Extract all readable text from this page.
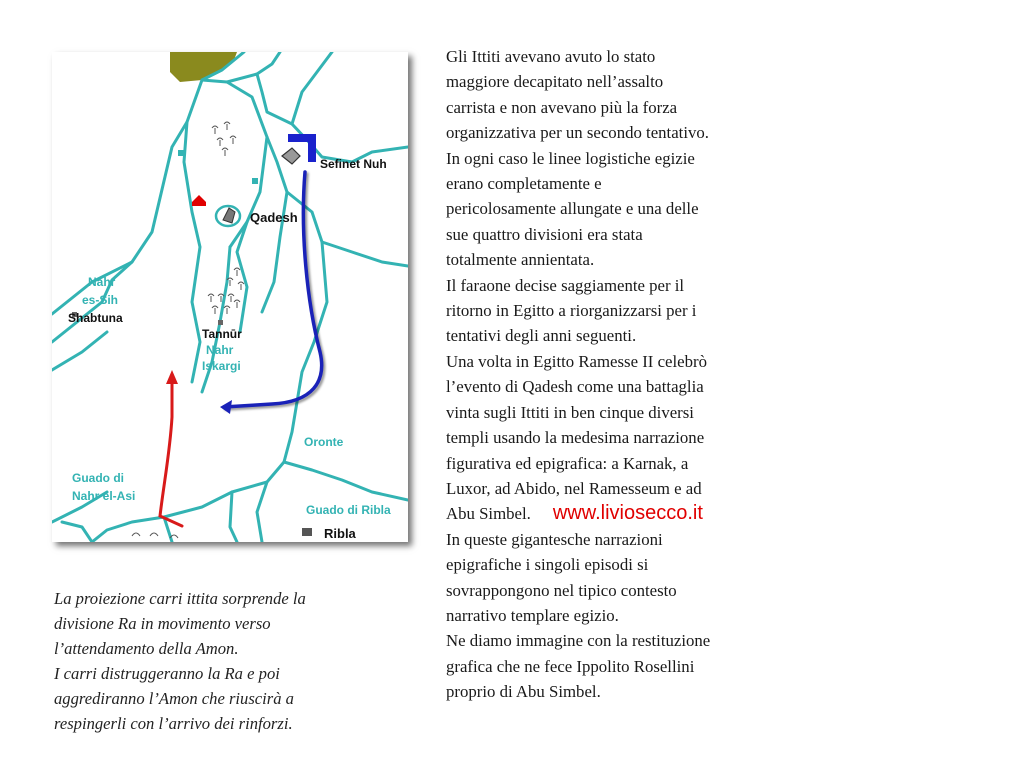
Sefinet Nuh
Qadesh
Nahr
es-Sih
Shabtuna
Tannūr
Nahr
Iskargi
Oronte
Guado di
Nahr el-Asi
Guado di Ribla
Ribla

La proiezione carri ittita sorprende la

divisione Ra in movimento verso

l’attendamento della Amon.

I carri distruggeranno la Ra e poi

aggrediranno l’Amon che riuscirà a

respingerli con l’arrivo dei rinforzi.

Gli Ittiti avevano avuto lo stato

maggiore decapitato nell’assalto

carrista e non avevano più la forza

organizzativa per un secondo tentativo.

In ogni caso le linee logistiche egizie

erano completamente e

pericolosamente allungate e una delle

sue quattro divisioni era stata

totalmente annientata.

Il faraone decise saggiamente per il

ritorno in Egitto a riorganizzarsi per i

tentativi degli anni seguenti.

Una volta in Egitto Ramesse II celebrò

l’evento di Qadesh come una battaglia

vinta sugli Ittiti in ben cinque diversi

templi usando la medesima narrazione

figurativa ed epigrafica: a Karnak, a

Luxor, ad Abido, nel Ramesseum e ad

Abu Simbel. www.liviosecco.it

In queste gigantesche narrazioni

epigrafiche i singoli episodi si

sovrappongono nel tipico contesto

narrativo templare egizio.

Ne diamo immagine con la restituzione

grafica che ne fece Ippolito Rosellini

proprio di Abu Simbel.
